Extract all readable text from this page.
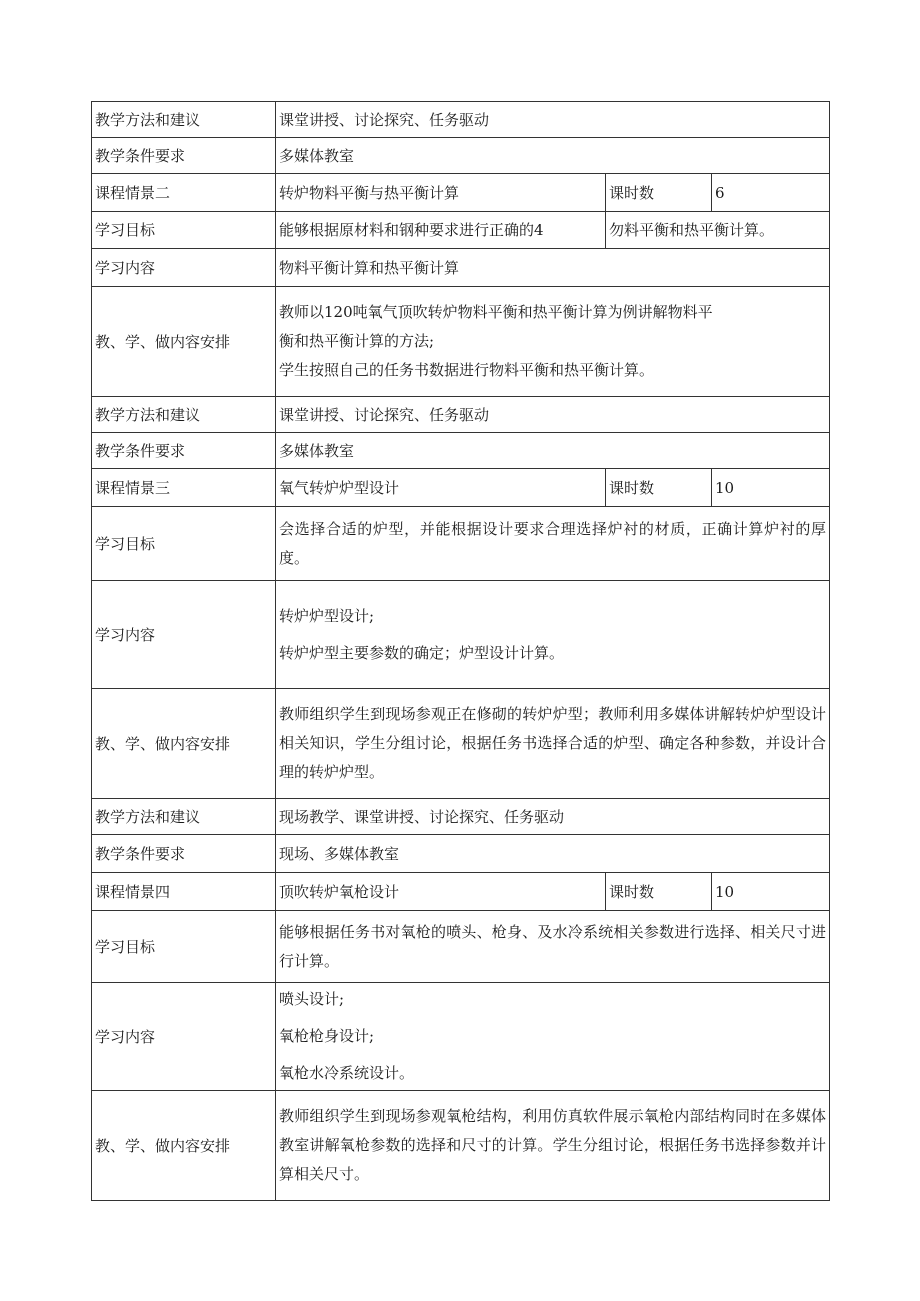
教学方法和建议	课堂讲授、讨论探究、任务驱动		
教学条件要求	多媒体教室		
课程情景二	转炉物料平衡与热平衡计算	课时数	6
学习目标	能够根据原材料和钢种要求进行正确的4	勿料平衡和热平衡计算。	
学习内容	物料平衡计算和热平衡计算		
教、学、做内容安排	教师以120吨氧气顶吹转炉物料平衡和热平衡计算为例讲解物料平
衡和热平衡计算的方法;
学生按照自己的任务书数据进行物料平衡和热平衡计算。		

教学方法和建议	课堂讲授、讨论探究、任务驱动		
教学条件要求	多媒体教室		
课程情景三	氧气转炉炉型设计	课时数	10
学习目标	会选择合适的炉型，并能根据设计要求合理选择炉衬的材质，正确计算炉衬的厚度。		

学习内容	转炉炉型设计;
转炉炉型主要参数的确定；炉型设计计算。		

教、学、做内容安排	教师组织学生到现场参观正在修砌的转炉炉型；教师利用多媒体讲解转炉炉型设计相关知识，学生分组讨论，根据任务书选择合适的炉型、确定各种参数，并设计合理的转炉炉型。		

教学方法和建议	现场教学、课堂讲授、讨论探究、任务驱动		
教学条件要求	现场、多媒体教室		
课程情景四	顶吹转炉氧枪设计	课时数	10
学习目标	能够根据任务书对氧枪的喷头、枪身、及水冷系统相关参数进行选择、相关尺寸进行计算。		

学习内容	喷头设计;
氧枪枪身设计;
氧枪水冷系统设计。		

教、学、做内容安排	教师组织学生到现场参观氧枪结构，利用仿真软件展示氧枪内部结构同时在多媒体教室讲解氧枪参数的选择和尺寸的计算。学生分组讨论，根据任务书选择参数并计算相关尺寸。		
